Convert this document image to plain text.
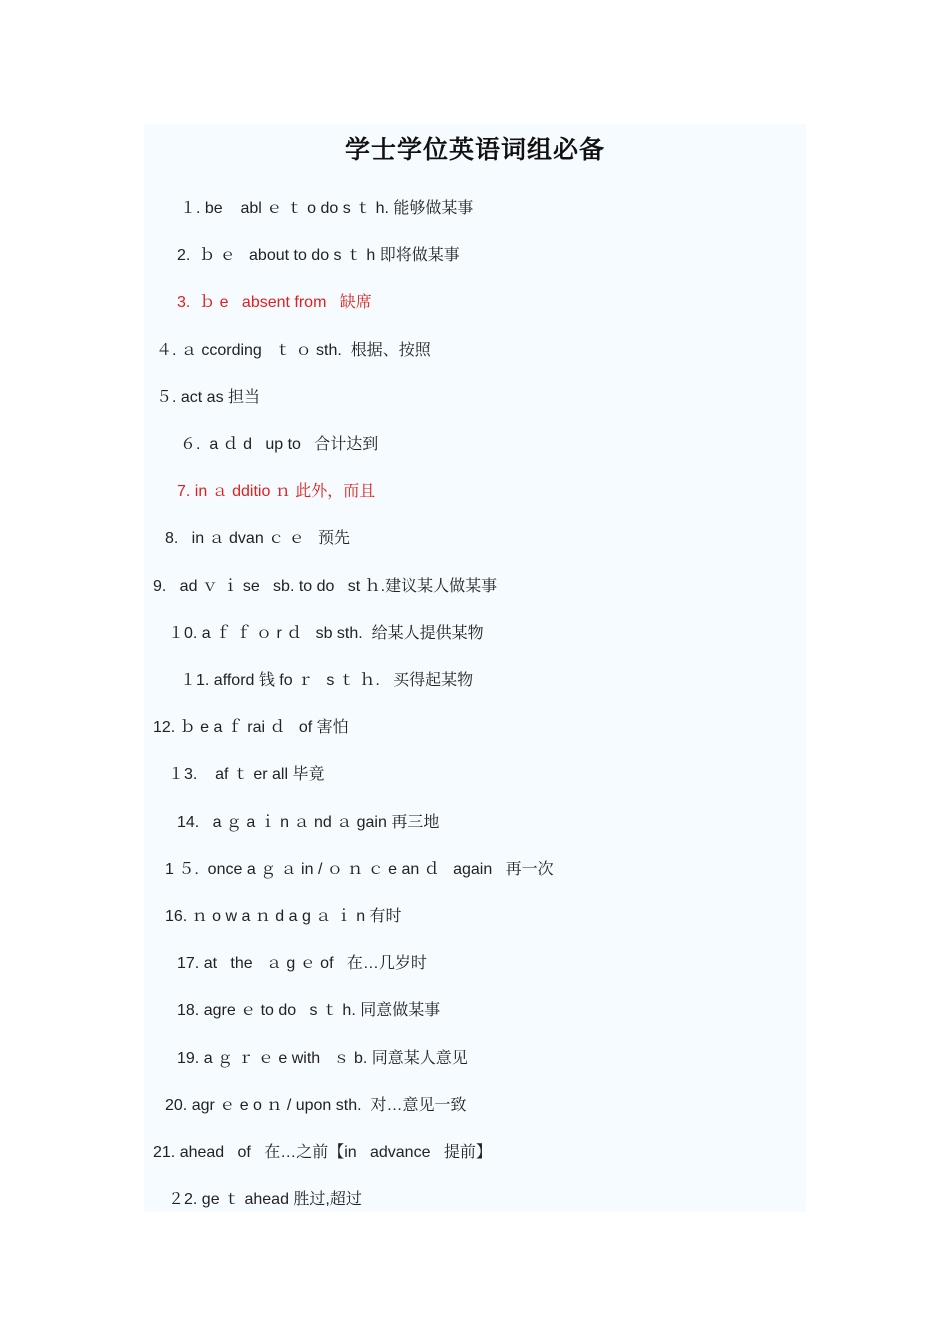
学士学位英语词组必备
１. be    abl ｅ ｔ o do s ｔ h. 能够做某事
2.  ｂ ｅ   about to do s ｔ h 即将做某事
3.  ｂ e   absent from   缺席
４. ａ ccording   ｔ ｏ sth.  根据、按照
５. act as 担当
６.  a ｄ d   up to   合计达到
7. in ａ dditio ｎ 此外，而且
8.   in ａ dvan ｃ ｅ   预先
9.   ad ｖ ｉ se   sb. to do   st ｈ.建议某人做某事
１0. a ｆ ｆ ｏ r ｄ   sb sth.  给某人提供某物
１1. afford 钱 fo ｒ   s ｔ ｈ.   买得起某物
12. ｂ e a ｆ rai ｄ   of 害怕
１3.    af ｔ er all 毕竟
14.   a ｇ a ｉ n ａ nd ａ gain 再三地
1 ５.  once a ｇ ａ in / ｏ ｎ ｃ e an ｄ   again   再一次
16. ｎ o w a ｎ d a g ａ ｉ n 有时
17. at   the   ａ g ｅ of   在…几岁时
18. agre ｅ to do   s ｔ h. 同意做某事
19. a ｇ ｒ ｅ e with   ｓ b. 同意某人意见
20. agr ｅ e o ｎ / upon sth.  对…意见一致
21. ahead   of   在…之前【in   advance   提前】
２2. ge ｔ ahead 胜过,超过
